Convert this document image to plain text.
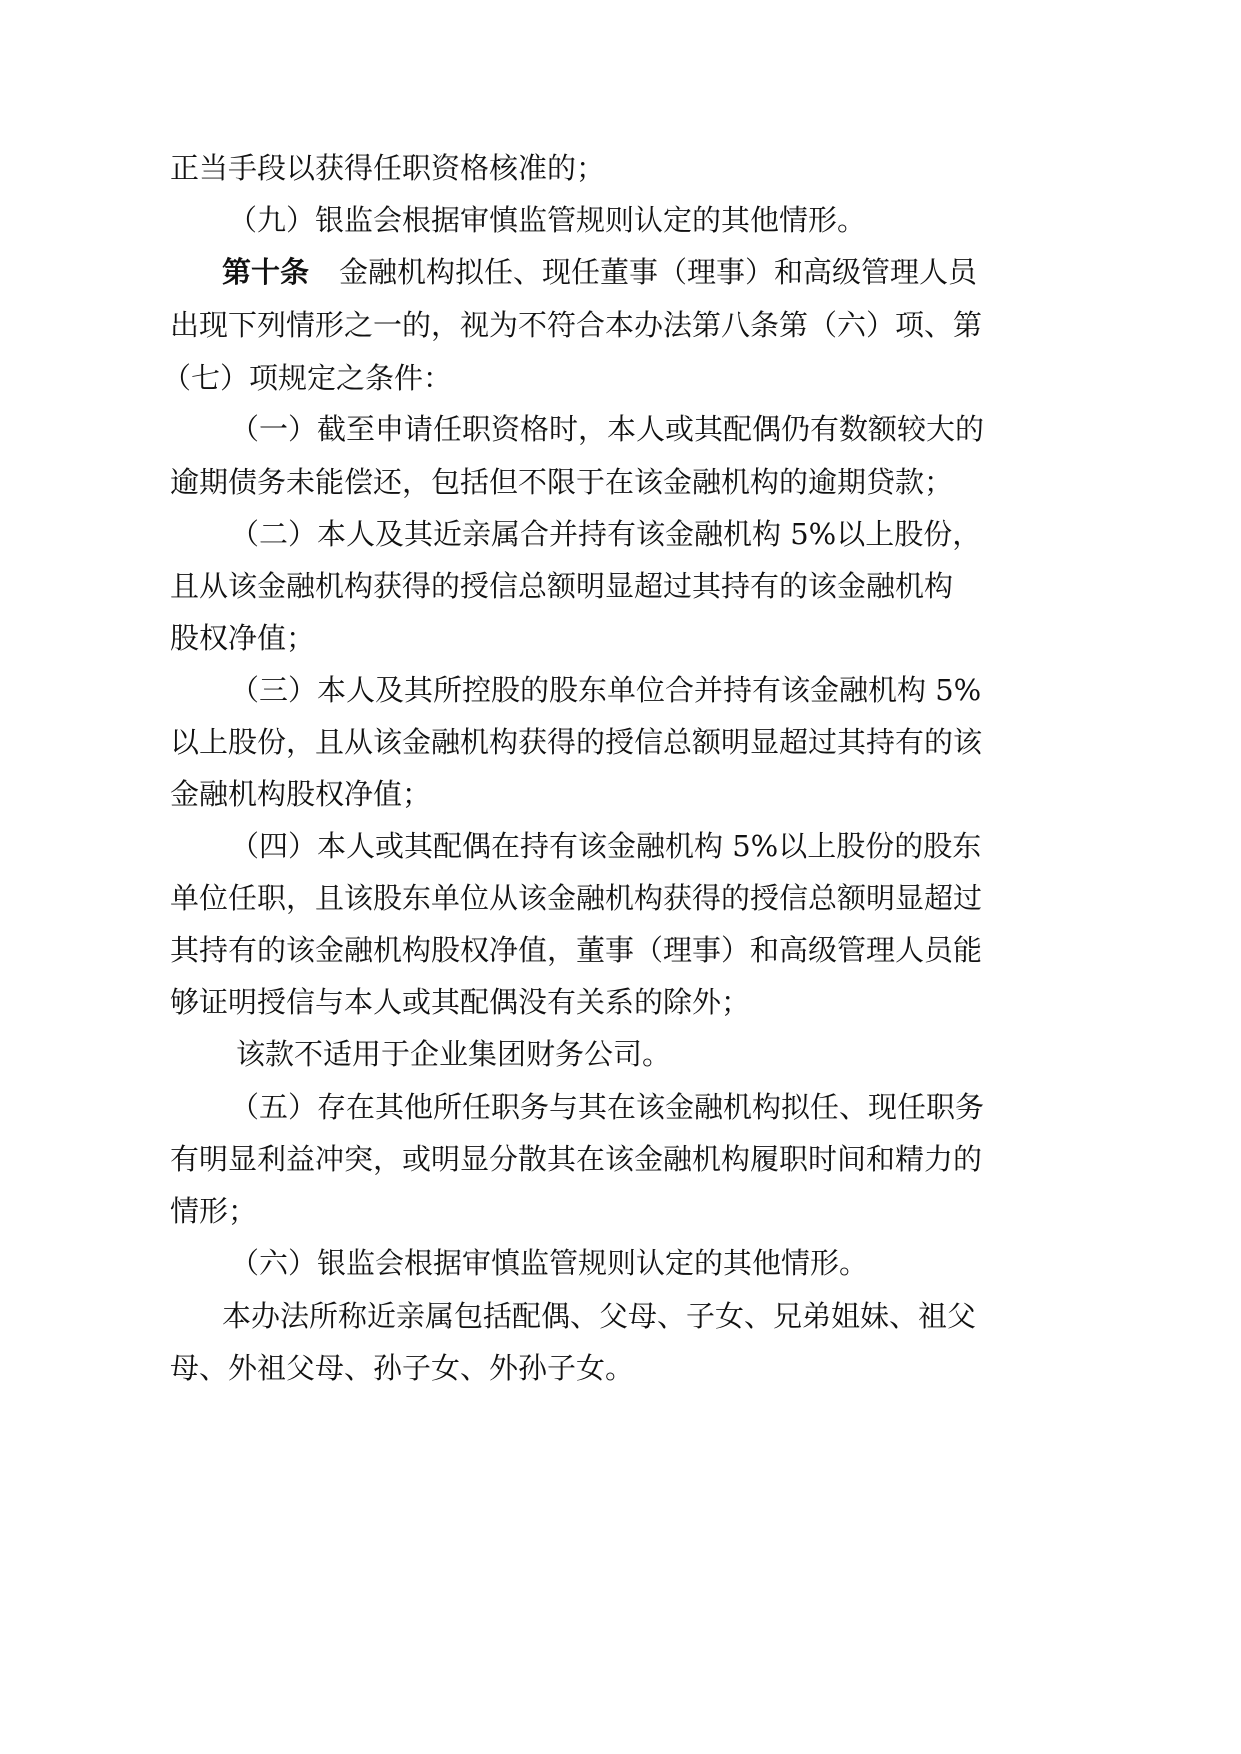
正当手段以获得任职资格核准的；

（九）银监会根据审慎监管规则认定的其他情形。

第十条 金融机构拟任、现任董事（理事）和高级管理人员

出现下列情形之一的，视为不符合本办法第八条第（六）项、第

（七）项规定之条件：

（一）截至申请任职资格时，本人或其配偶仍有数额较大的

逾期债务未能偿还，包括但不限于在该金融机构的逾期贷款；

（二）本人及其近亲属合并持有该金融机构 5%以上股份，

且从该金融机构获得的授信总额明显超过其持有的该金融机构

股权净值；

（三）本人及其所控股的股东单位合并持有该金融机构 5%

以上股份，且从该金融机构获得的授信总额明显超过其持有的该

金融机构股权净值；

（四）本人或其配偶在持有该金融机构 5%以上股份的股东

单位任职，且该股东单位从该金融机构获得的授信总额明显超过

其持有的该金融机构股权净值，董事（理事）和高级管理人员能

够证明授信与本人或其配偶没有关系的除外；

该款不适用于企业集团财务公司。

（五）存在其他所任职务与其在该金融机构拟任、现任职务

有明显利益冲突，或明显分散其在该金融机构履职时间和精力的

情形；

（六）银监会根据审慎监管规则认定的其他情形。

本办法所称近亲属包括配偶、父母、子女、兄弟姐妹、祖父

母、外祖父母、孙子女、外孙子女。
